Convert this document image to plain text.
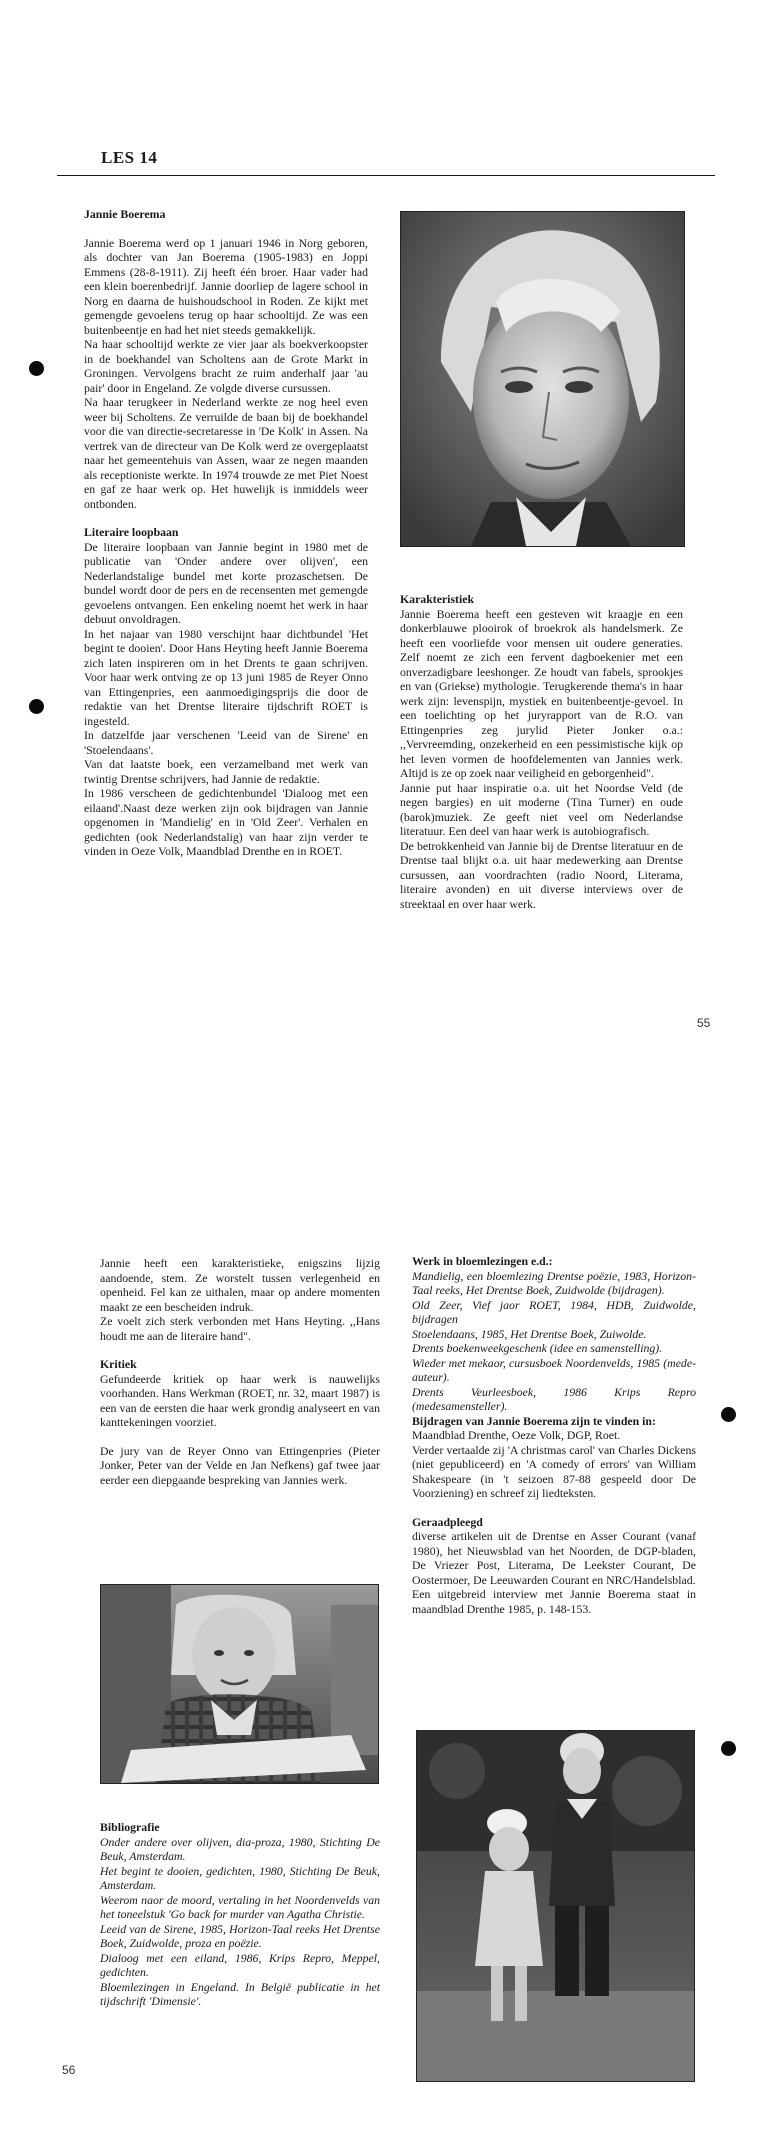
LES 14

Jannie Boerema

Jannie Boerema werd op 1 januari 1946 in Norg geboren, als dochter van Jan Boerema (1905-1983) en Joppi Emmens (28-8-1911). Zij heeft één broer. Haar vader had een klein boerenbedrijf. Jannie doorliep de lagere school in Norg en daarna de huishoudschool in Roden. Ze kijkt met gemengde gevoelens terug op haar schooltijd. Ze was een buitenbeentje en had het niet steeds gemakkelijk.

Na haar schooltijd werkte ze vier jaar als boekverkoopster in de boekhandel van Scholtens aan de Grote Markt in Groningen. Vervolgens bracht ze ruim anderhalf jaar 'au pair' door in Engeland. Ze volgde diverse cursussen.

Na haar terugkeer in Nederland werkte ze nog heel even weer bij Scholtens. Ze verruilde de baan bij de boekhandel voor die van directie-secretaresse in 'De Kolk' in Assen. Na vertrek van de directeur van De Kolk werd ze overgeplaatst naar het gemeentehuis van Assen, waar ze negen maanden als receptioniste werkte. In 1974 trouwde ze met Piet Noest en gaf ze haar werk op. Het huwelijk is inmiddels weer ontbonden.

Literaire loopbaan

De literaire loopbaan van Jannie begint in 1980 met de publicatie van 'Onder andere over olijven', een Nederlandstalige bundel met korte prozaschetsen. De bundel wordt door de pers en de recensenten met gemengde gevoelens ontvangen. Een enkeling noemt het werk in haar debuut onvoldragen.

In het najaar van 1980 verschijnt haar dichtbundel 'Het begint te dooien'. Door Hans Heyting heeft Jannie Boerema zich laten inspireren om in het Drents te gaan schrijven. Voor haar werk ontving ze op 13 juni 1985 de Reyer Onno van Ettingenpries, een aanmoedigingsprijs die door de redaktie van het Drentse literaire tijdschrift ROET is ingesteld.

In datzelfde jaar verschenen 'Leeid van de Sirene' en 'Stoelendaans'.

Van dat laatste boek, een verzamelband met werk van twintig Drentse schrijvers, had Jannie de redaktie.

In 1986 verscheen de gedichtenbundel 'Dialoog met een eilaand'.Naast deze werken zijn ook bijdragen van Jannie opgenomen in 'Mandielig' en in 'Old Zeer'. Verhalen en gedichten (ook Nederlandstalig) van haar zijn verder te vinden in Oeze Volk, Maandblad Drenthe en in ROET.

Karakteristiek

Jannie Boerema heeft een gesteven wit kraagje en een donkerblauwe plooirok of broekrok als handelsmerk. Ze heeft een voorliefde voor mensen uit oudere generaties. Zelf noemt ze zich een fervent dagboekenier met een onverzadigbare leeshonger. Ze houdt van fabels, sprookjes en van (Griekse) mythologie. Terugkerende thema's in haar werk zijn: levenspijn, mystiek en buitenbeentje-gevoel. In een toelichting op het juryrapport van de R.O. van Ettingenpries zeg jurylid Pieter Jonker o.a.: ,,Vervreemding, onzekerheid en een pessimistische kijk op het leven vormen de hoofdelementen van Jannies werk. Altijd is ze op zoek naar veiligheid en geborgenheid".

Jannie put haar inspiratie o.a. uit het Noordse Veld (de negen bargies) en uit moderne (Tina Turner) en oude (barok)muziek. Ze geeft niet veel om Nederlandse literatuur. Een deel van haar werk is autobiografisch.

De betrokkenheid van Jannie bij de Drentse literatuur en de Drentse taal blijkt o.a. uit haar medewerking aan Drentse cursussen, aan voordrachten (radio Noord, Literama, literaire avonden) en uit diverse interviews over de streektaal en over haar werk.

55

Jannie heeft een karakteristieke, enigszins lijzig aandoende, stem. Ze worstelt tussen verlegenheid en openheid. Fel kan ze uithalen, maar op andere momenten maakt ze een bescheiden indruk.

Ze voelt zich sterk verbonden met Hans Heyting. ,,Hans houdt me aan de literaire hand".

Kritiek

Gefundeerde kritiek op haar werk is nauwelijks voorhanden. Hans Werkman (ROET, nr. 32, maart 1987) is een van de eersten die haar werk grondig analyseert en van kanttekeningen voorziet.

De jury van de Reyer Onno van Ettingenpries (Pieter Jonker, Peter van der Velde en Jan Nefkens) gaf twee jaar eerder een diepgaande bespreking van Jannies werk.

Bibliografie

Onder andere over olijven, dia-proza, 1980, Stichting De Beuk, Amsterdam.

Het begint te dooien, gedichten, 1980, Stichting De Beuk, Amsterdam.

Weerom naor de moord, vertaling in het Noordenvelds van het toneelstuk 'Go back for murder van Agatha Christie.

Leeid van de Sirene, 1985, Horizon-Taal reeks Het Drentse Boek, Zuidwolde, proza en poëzie.

Dialoog met een eiland, 1986, Krips Repro, Meppel, gedichten.

Bloemlezingen in Engeland. In België publicatie in het tijdschrift 'Dimensie'.

56

Werk in bloemlezingen e.d.:

Mandielig, een bloemlezing Drentse poëzie, 1983, Horizon-Taal reeks, Het Drentse Boek, Zuidwolde (bijdragen).

Old Zeer, Vief jaor ROET, 1984, HDB, Zuidwolde, bijdragen

Stoelendaans, 1985, Het Drentse Boek, Zuiwolde.

Drents boekenweekgeschenk (idee en samenstelling).

Wieder met mekaor, cursusboek Noordenvelds, 1985 (mede-auteur).

Drents Veurleesboek, 1986 Krips Repro (medesamensteller).

Bijdragen van Jannie Boerema zijn te vinden in:

Maandblad Drenthe, Oeze Volk, DGP, Roet.

Verder vertaalde zij 'A christmas carol' van Charles Dickens (niet gepubliceerd) en 'A comedy of errors' van William Shakespeare (in 't seizoen 87-88 gespeeld door De Voorziening) en schreef zij liedteksten.

Geraadpleegd

diverse artikelen uit de Drentse en Asser Courant (vanaf 1980), het Nieuwsblad van het Noorden, de DGP-bladen, De Vriezer Post, Literama, De Leekster Courant, De Oostermoer, De Leeuwarden Courant en NRC/Handelsblad.

Een uitgebreid interview met Jannie Boerema staat in maandblad Drenthe 1985, p. 148-153.
